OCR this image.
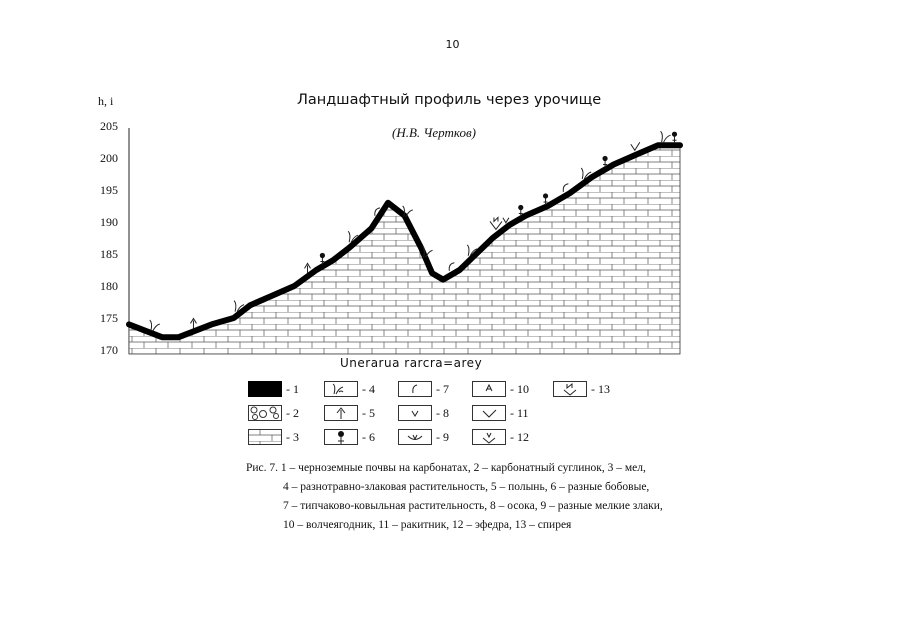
10
Ландшафтный профиль через урочище
(Н.В. Чертков)
h, i
205
200
195
190
185
180
175
170
Unerarua rarcra=arey
- 1
- 2
- 3
- 4
- 5
- 6
- 7
- 8
- 9
- 10
- 11
- 12
- 13
Рис. 7. 1 – черноземные почвы на карбонатах, 2 – карбонатный суглинок, 3 – мел,
4 – разнотравно-злаковая растительность, 5 – полынь, 6 – разные бобовые,
7 – типчаково-ковыльная растительность, 8 – осока, 9 – разные мелкие злаки,
10 – волчеягодник, 11 – ракитник, 12 – эфедра, 13 – спирея
